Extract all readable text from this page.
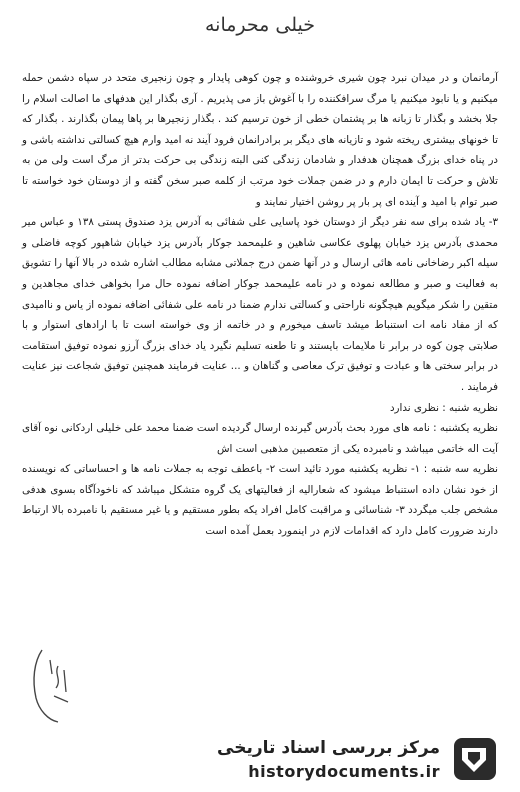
خیلی محرمانه

آرمانمان و در میدان نبرد چون شیری خروشنده و چون کوهی پایدار و چون زنجیری متحد در سپاه دشمن حمله میکنیم و یا نابود میکنیم یا مرگ سرافکننده را با آغوش باز می پذیریم . آری بگذار این هدفهای ما اصالت اسلام را جلا بخشد و بگذار تا زبانه ها بر پشتمان خطی از خون ترسیم کند . بگذار زنجیرها بر پاها پیمان بگذارند . بگذار که تا خونهای بیشتری ریخته شود و تازیانه های دیگر بر برادرانمان فرود آیند نه امید وارم هیچ کسالتی نداشته باشی و در پناه خدای بزرگ همچنان هدفدار و شادمان زندگی کنی البته زندگی بی حرکت بدتر از مرگ است ولی من به تلاش و حرکت تا ایمان دارم و در ضمن جملات خود مرتب از کلمه صبر سخن گفته و از دوستان خود خواسته تا صبر توام با امید و آینده ای پر بار پر روشن اختیار نمایند و

۳- یاد شده برای سه نفر دیگر از دوستان خود پاسایی علی شفائی به آدرس یزد صندوق پستی ۱۳۸ و عباس میر محمدی بآدرس یزد خیابان پهلوی عکاسی شاهین و علیمحمد جوکار بآدرس یزد خیابان شاهپور کوچه فاضلی و سیله اکبر رضاخانی نامه هائی ارسال و در آنها ضمن درج جملاتی مشابه مطالب اشاره شده در بالا آنها را تشویق به فعالیت و صبر و مطالعه نموده و در نامه علیمحمد جوکار اضافه نموده حال مرا بخواهی خدای مجاهدین و متقین را شکر میگویم هیچگونه ناراحتی و کسالتی ندارم ضمنا در نامه علی شفائی اضافه نموده از یاس و ناامیدی که از مفاد نامه ات استنباط میشد تاسف میخورم و در خاتمه از وی خواسته است تا با ارادهای استوار و با صلابتی چون کوه در برابر نا ملایمات بایستند و تا طعنه تسلیم نگیرد یاد خدای بزرگ آرزو نموده توفیق استقامت در برابر سختی ها و عبادت و توفیق ترک معاصی و گناهان و ... عنایت فرمایند همچنین توفیق شجاعت نیز عنایت فرمایند .

نظریه شنبه : نظری ندارد

نظریه یکشنبه : نامه های مورد بحث بآدرس گیرنده ارسال گردیده است ضمنا محمد علی خلیلی اردکانی نوه آقای آیت اله خاتمی میباشد و نامبرده یکی از متعصبین مذهبی است اش

نظریه سه شنبه : ۱- نظریه یکشنبه مورد تائید است ۲- باعطف توجه به جملات نامه ها و احساساتی که نویسنده از خود نشان داده استنباط میشود که شعارالیه از فعالیتهای یک گروه متشکل میباشد که ناخودآگاه بسوی هدفی مشخص جلب میگردد ۳- شناسائی و مراقبت کامل افراد یکه بطور مستقیم و یا غیر مستقیم با نامبرده بالا ارتباط دارند ضرورت کامل دارد که اقدامات لازم در اینمورد بعمل آمده است

مرکز بررسی اسناد تاریخی
historydocuments.ir
